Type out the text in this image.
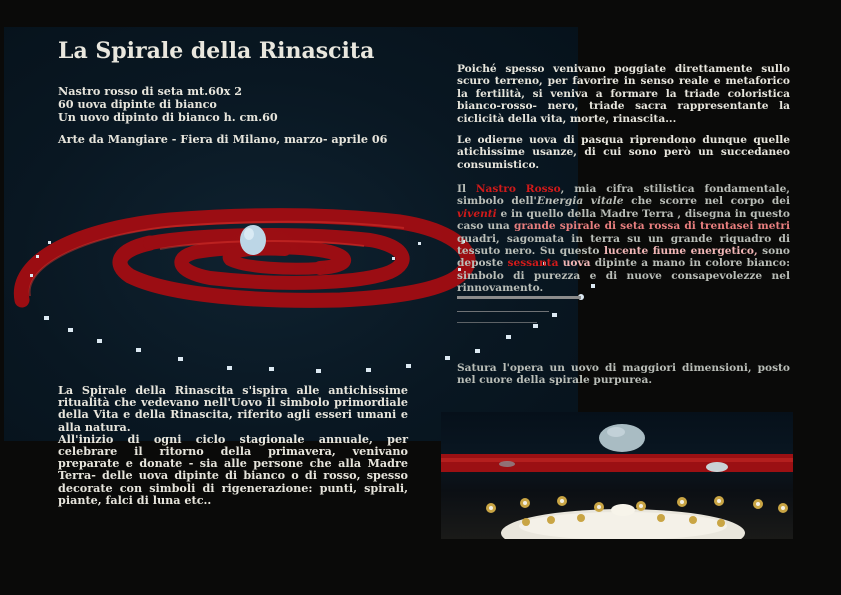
La Spirale della Rinascita
Nastro rosso di seta mt.60x 2
60 uova dipinte di bianco
Un uovo dipinto di bianco h. cm.60
Arte da Mangiare - Fiera di Milano, marzo- aprile 06
Poiché spesso venivano poggiate direttamente sullo scuro terreno, per favorire in senso reale e metaforico la fertilità, si veniva a formare la triade coloristica bianco-rosso- nero, triade sacra rappresentante la ciclicità della vita, morte, rinascita...
Le odierne uova di pasqua riprendono dunque quelle atichissime usanze, di cui sono però un succedaneo consumistico.
Il Nastro Rosso, mia cifra stilistica fondamentale, simbolo dell'Energia vitale che scorre nel corpo dei viventi e in quello della Madre Terra , disegna in questo caso una grande spirale di seta rossa di trentasei metri quadri, sagomata in terra su un grande riquadro di tessuto nero. Su questo lucente fiume energetico, sono deposte sessanta uova dipinte a mano in colore bianco: simbolo di purezza e di nuove consapevolezze nel rinnovamento.
Satura l'opera un uovo di maggiori dimensioni, posto nel cuore della spirale purpurea.
La Spirale della Rinascita s'ispira alle antichissime ritualità che vedevano nell'Uovo il simbolo primordiale della Vita e della Rinascita, riferito agli esseri umani e alla natura.
All'inizio di ogni ciclo stagionale annuale, per celebrare il ritorno della primavera, venivano preparate e donate - sia alle persone che alla Madre Terra- delle uova dipinte di bianco o di rosso, spesso decorate con simboli di rigenerazione: punti, spirali, piante, falci di luna etc..
